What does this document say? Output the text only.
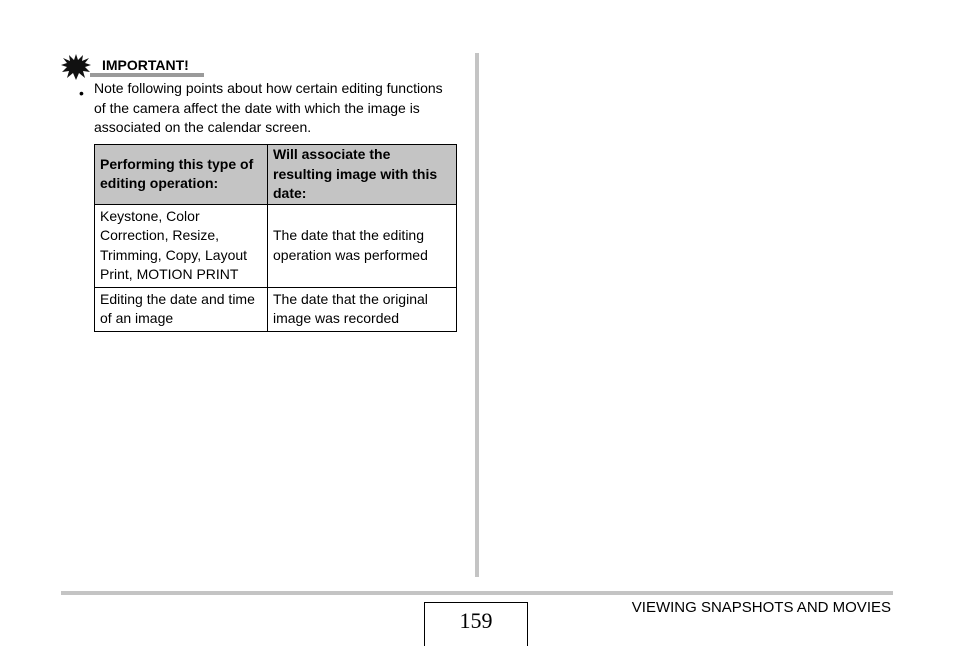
IMPORTANT!
• Note following points about how certain editing functions of the camera affect the date with which the image is associated on the calendar screen.
Performing this type of editing operation:	Will associate the resulting image with this date:
Keystone, Color Correction, Resize, Trimming, Copy, Layout Print, MOTION PRINT	The date that the editing operation was performed
Editing the date and time of an image	The date that the original image was recorded
159
VIEWING SNAPSHOTS AND MOVIES
